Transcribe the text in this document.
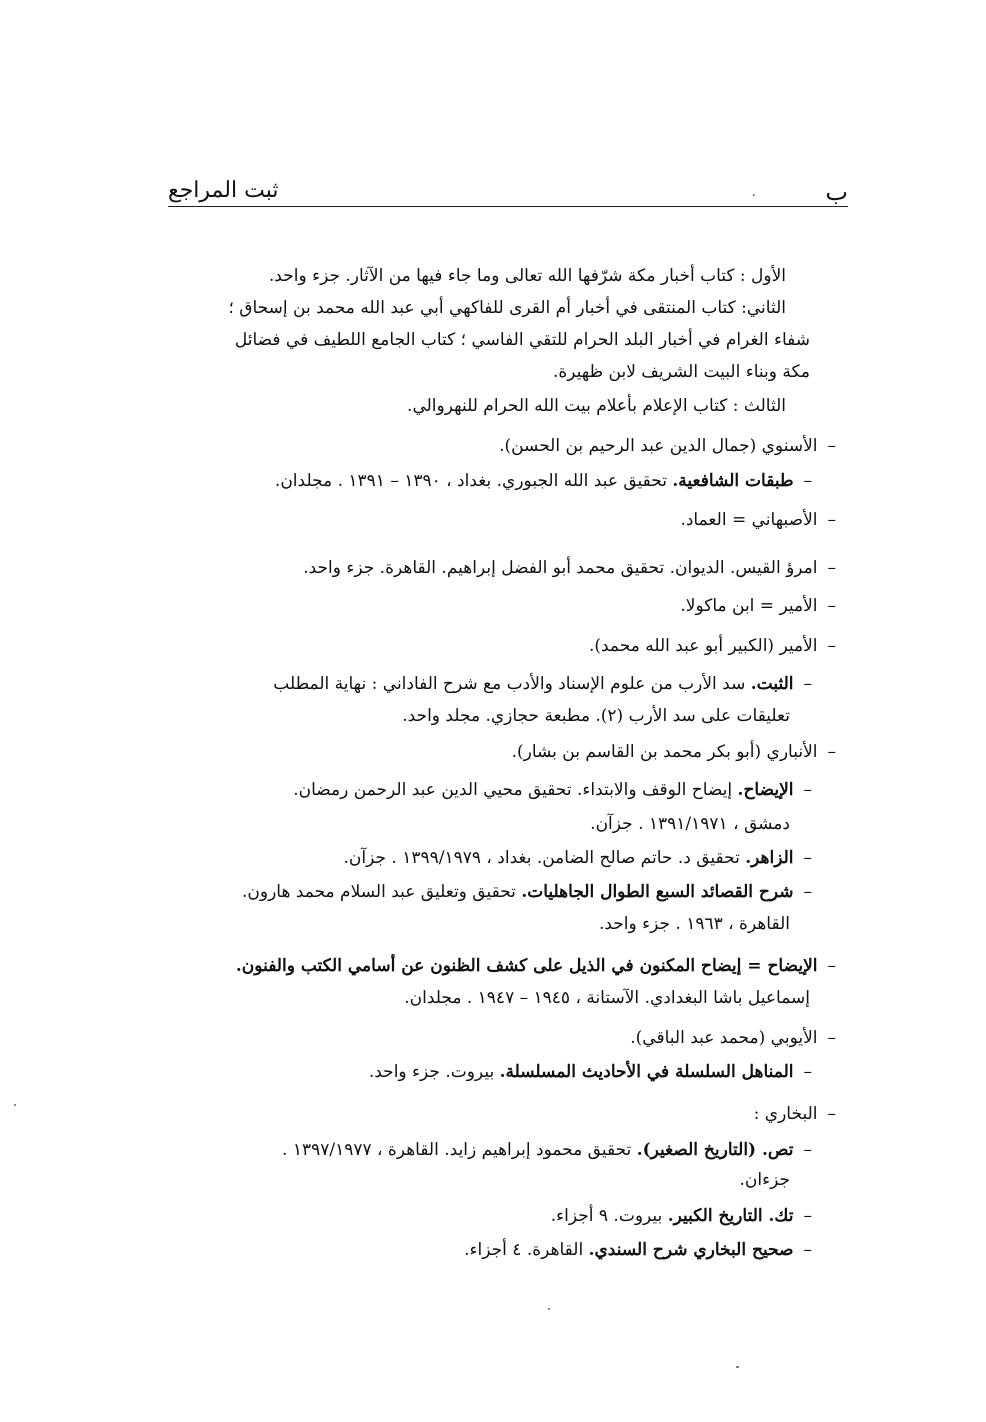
ب
.
ثبت المراجع
الأول : كتاب أخبار مكة شرّفها الله تعالى وما جاء فيها من الآثار. جزء واحد.
الثاني: كتاب المنتقى في أخبار أم القرى للفاكهي أبي عبد الله محمد بن إسحاق ؛
شفاء الغرام في أخبار البلد الحرام للتقي الفاسي ؛ كتاب الجامع اللطيف في فضائل
مكة وبناء البيت الشريف لابن ظهيرة.
الثالث : كتاب الإعلام بأعلام بيت الله الحرام للنهروالي.
–الأسنوي (جمال الدين عبد الرحيم بن الحسن).
–طبقات الشافعية. تحقيق عبد الله الجبوري. بغداد ، ١٣٩٠ – ١٣٩١ . مجلدان.
–الأصبهاني = العماد.
–امرؤ القيس. الديوان. تحقيق محمد أبو الفضل إبراهيم. القاهرة. جزء واحد.
–الأمير = ابن ماكولا.
–الأمير (الكبير أبو عبد الله محمد).
–الثبت. سد الأرب من علوم الإسناد والأدب مع شرح الفاداني : نهاية المطلب
تعليقات على سد الأرب (٢). مطبعة حجازي. مجلد واحد.
–الأنباري (أبو بكر محمد بن القاسم بن بشار).
–الإيضاح. إيضاح الوقف والابتداء. تحقيق محيي الدين عبد الرحمن رمضان.
دمشق ، ١٣٩١/١٩٧١ . جزآن.
–الزاهر. تحقيق د. حاتم صالح الضامن. بغداد ، ١٣٩٩/١٩٧٩ . جزآن.
–شرح القصائد السبع الطوال الجاهليات. تحقيق وتعليق عبد السلام محمد هارون.
القاهرة ، ١٩٦٣ . جزء واحد.
–الإيضاح = إيضاح المكنون في الذيل على كشف الظنون عن أسامي الكتب والفنون.
إسماعيل باشا البغدادي. الآستانة ، ١٩٤٥ – ١٩٤٧ . مجلدان.
–الأيوبي (محمد عبد الباقي).
–المناهل السلسلة في الأحاديث المسلسلة. بيروت. جزء واحد.
–البخاري :
–تص. (التاريخ الصغير). تحقيق محمود إبراهيم زايد. القاهرة ، ١٣٩٧/١٩٧٧ .
جزءان.
–تك. التاريخ الكبير. بيروت. ٩ أجزاء.
–صحيح البخاري شرح السندي. القاهرة. ٤ أجزاء.
